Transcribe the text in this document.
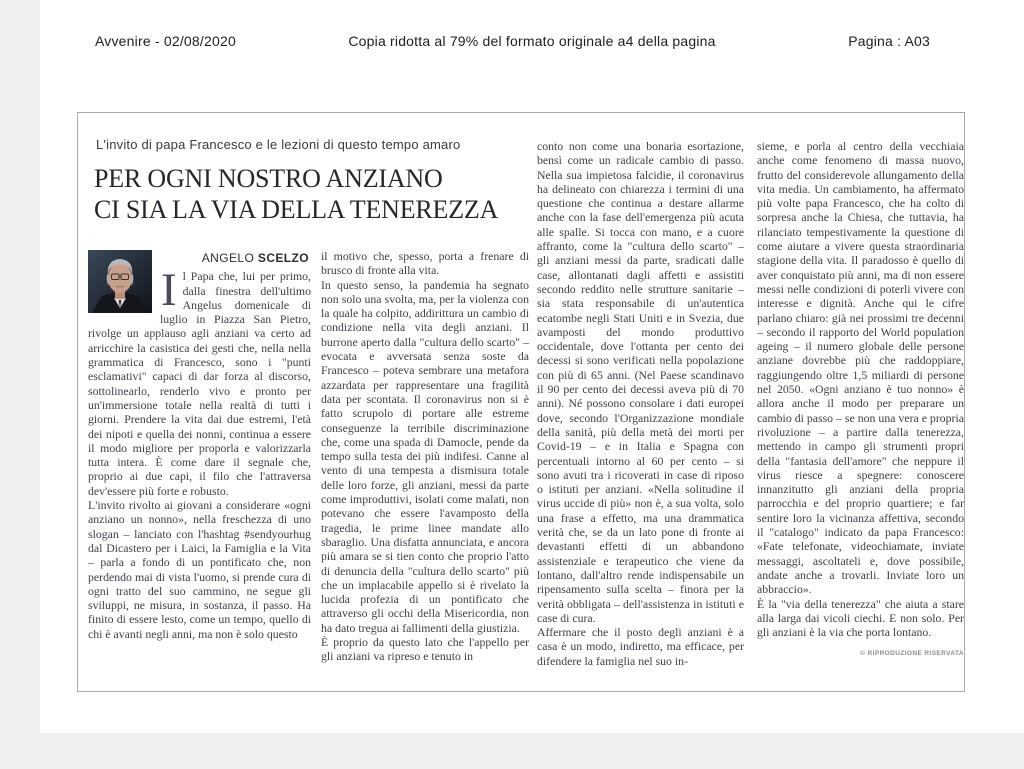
Avvenire - 02/08/2020	Copia ridotta al 79% del formato originale a4 della pagina	Pagina : A03
L'invito di papa Francesco e le lezioni di questo tempo amaro
PER OGNI NOSTRO ANZIANO
CI SIA LA VIA DELLA TENEREZZA
ANGELO SCELZO

Il Papa che, lui per primo, dalla finestra dell'ultimo Angelus domenicale di luglio in Piazza San Pietro, rivolge un applauso agli anziani va certo ad arricchire la casistica dei gesti che, nella nella grammatica di Francesco, sono i "punti esclamativi" capaci di dar forza al discorso, sottolinearlo, renderlo vivo e pronto per un'immersione totale nella realtà di tutti i giorni. Prendere la vita dai due estremi, l'età dei nipoti e quella dei nonni, continua a essere il modo migliore per proporla e valorizzarla tutta intera. È come dare il segnale che, proprio ai due capi, il filo che l'attraversa dev'essere più forte e robusto.

L'invito rivolto ai giovani a considerare «ogni anziano un nonno», nella freschezza di uno slogan – lanciato con l'hashtag #sendyourhug dal Dicastero per i Laici, la Famiglia e la Vita – parla a fondo di un pontificato che, non perdendo mai di vista l'uomo, si prende cura di ogni tratto del suo cammino, ne segue gli sviluppi, ne misura, in sostanza, il passo. Ha finito di essere lesto, come un tempo, quello di chi è avanti negli anni, ma non è solo questo

il motivo che, spesso, porta a frenare di brusco di fronte alla vita.

In questo senso, la pandemia ha segnato non solo una svolta, ma, per la violenza con la quale ha colpito, addirittura un cambio di condizione nella vita degli anziani. Il burrone aperto dalla "cultura dello scarto" – evocata e avversata senza soste da Francesco – poteva sembrare una metafora azzardata per rappresentare una fragilità data per scontata. Il coronavirus non si è fatto scrupolo di portare alle estreme conseguenze la terribile discriminazione che, come una spada di Damocle, pende da tempo sulla testa dei più indifesi. Canne al vento di una tempesta a dismisura totale delle loro forze, gli anziani, messi da parte come improduttivi, isolati come malati, non potevano che essere l'avamposto della tragedia, le prime linee mandate allo sbaraglio. Una disfatta annunciata, e ancora più amara se si tien conto che proprio l'atto di denuncia della "cultura dello scarto" più che un implacabile appello si è rivelato la lucida profezia di un pontificato che attraverso gli occhi della Misericordia, non ha dato tregua ai fallimenti della giustizia.

È proprio da questo lato che l'appello per gli anziani va ripreso e tenuto in

conto non come una bonaria esortazione, bensì come un radicale cambio di passo. Nella sua impietosa falcidie, il coronavirus ha delineato con chiarezza i termini di una questione che continua a destare allarme anche con la fase dell'emergenza più acuta alle spalle. Si tocca con mano, e a cuore affranto, come la "cultura dello scarto" – gli anziani messi da parte, sradicati dalle case, allontanati dagli affetti e assistiti secondo reddito nelle strutture sanitarie – sia stata responsabile di un'autentica ecatombe negli Stati Uniti e in Svezia, due avamposti del mondo produttivo occidentale, dove l'ottanta per cento dei decessi si sono verificati nella popolazione con più di 65 anni. (Nel Paese scandinavo il 90 per cento dei decessi aveva più di 70 anni). Né possono consolare i dati europei dove, secondo l'Organizzazione mondiale della sanità, più della metà dei morti per Covid-19 – e in Italia e Spagna con percentuali intorno al 60 per cento – si sono avuti tra i ricoverati in case di riposo o istituti per anziani. «Nella solitudine il virus uccide di più» non è, a sua volta, solo una frase a effetto, ma una drammatica verità che, se da un lato pone di fronte ai devastanti effetti di un abbandono assistenziale e terapeutico che viene da lontano, dall'altro rende indispensabile un ripensamento sulla scelta – finora per la verità obbligata – dell'assistenza in istituti e case di cura.

Affermare che il posto degli anziani è a casa è un modo, indiretto, ma efficace, per difendere la famiglia nel suo in-

sieme, e porla al centro della vecchiaia anche come fenomeno di massa nuovo, frutto del considerevole allungamento della vita media. Un cambiamento, ha affermato più volte papa Francesco, che ha colto di sorpresa anche la Chiesa, che tuttavia, ha rilanciato tempestivamente la questione di come aiutare a vivere questa straordinaria stagione della vita. Il paradosso è quello di aver conquistato più anni, ma di non essere messi nelle condizioni di poterli vivere con interesse e dignità. Anche qui le cifre parlano chiaro: già nei prossimi tre decenni – secondo il rapporto del World population ageing – il numero globale delle persone anziane dovrebbe più che raddoppiare, raggiungendo oltre 1,5 miliardi di persone nel 2050. «Ogni anziano è tuo nonno» è allora anche il modo per preparare un cambio di passo – se non una vera e propria rivoluzione – a partire dalla tenerezza, mettendo in campo gli strumenti propri della "fantasia dell'amore" che neppure il virus riesce a spegnere: conoscere innanzitutto gli anziani della propria parrocchia e del proprio quartiere; e far sentire loro la vicinanza affettiva, secondo il "catalogo" indicato da papa Francesco: «Fate telefonate, videochiamate, inviate messaggi, ascoltateli e, dove possibile, andate anche a trovarli. Inviate loro un abbraccio».

È la "via della tenerezza" che aiuta a stare alla larga dai vicoli ciechi. E non solo. Per gli anziani è la via che porta lontano.

© RIPRODUZIONE RISERVATA
